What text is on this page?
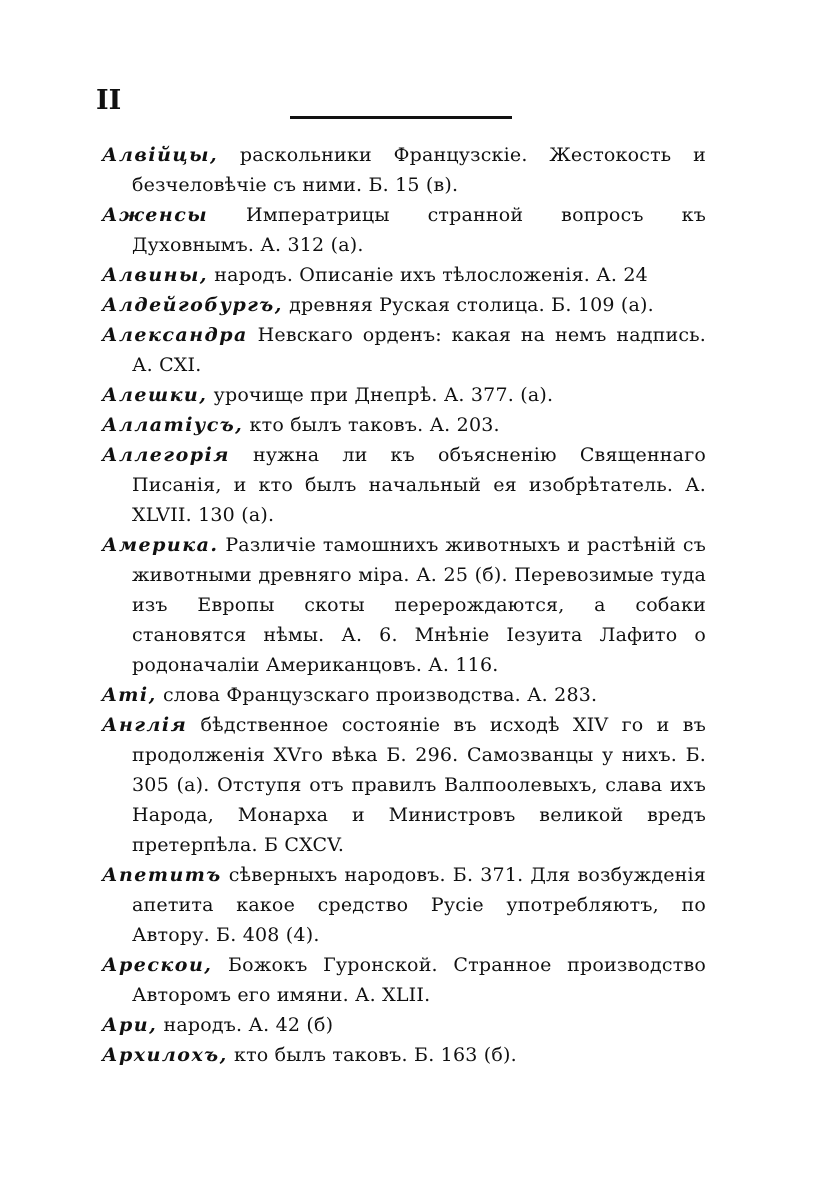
II

Алвійцы, раскольники Французскіе. Жестокость и безчеловѣчіе съ ними. Б. 15 (в).

Аженсы Императрицы странной вопросъ къ Духовнымъ. А. 312 (а).

Алвины, народъ. Описаніе ихъ тѣлосложенія. А. 24

Алдейгобургъ, древняя Руская столица. Б. 109 (а).

Александра Невскаго орденъ: какая на немъ надпись. А. CXI.

Алешки, урочище при Днепрѣ. А. 377. (а).

Аллатіусъ, кто былъ таковъ. А. 203.

Аллегорія нужна ли къ объясненію Священнаго Писанія, и кто былъ начальный ея изобрѣтатель. А. XLVII. 130 (а).

Америка. Различіе тамошнихъ животныхъ и растѣній съ животными древняго міра. А. 25 (б). Перевозимые туда изъ Европы скоты перерождаются, а собаки становятся нѣмы. А. 6. Мнѣніе Іезуита Лафито о родоначаліи Американцовъ. А. 116.

Ami, слова Французскаго производства. А. 283.

Англія бѣдственное состояніе въ исходѣ XIV го и въ продолженія XVго вѣка Б. 296. Самозванцы у нихъ. Б. 305 (а). Отступя отъ правилъ Валпоолевыхъ, слава ихъ Народа, Монарха и Министровъ великой вредъ претерпѣла. Б CXCV.

Апетитъ сѣверныхъ народовъ. Б. 371. Для возбужденія апетита какое средство Русіе употребляютъ, по Автору. Б. 408 (4).

Арескои, Божокъ Гуронской. Странное производство Авторомъ его имяни. А. XLII.

Ари, народъ. А. 42 (б)

Архилохъ, кто былъ таковъ. Б. 163 (б).
